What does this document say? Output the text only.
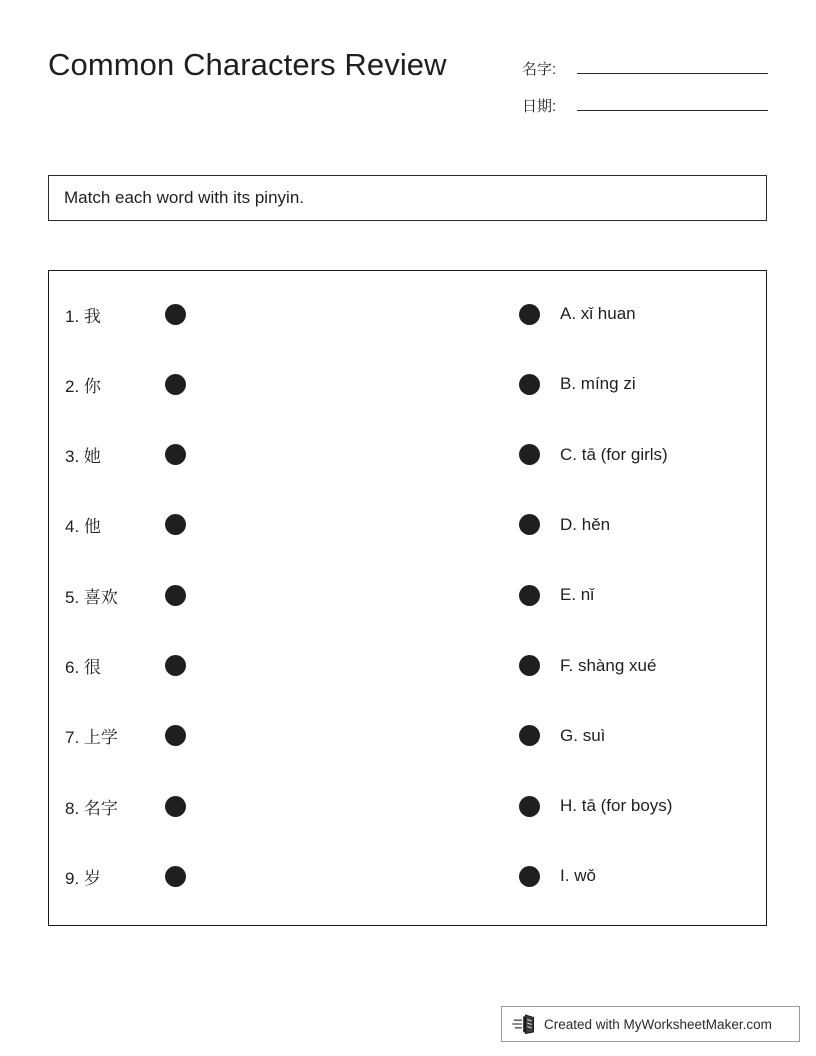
Common Characters Review	名字:
日期:
Match each word with its pinyin.
1. 我	A. xǐ huan
2. 你	B. míng zi
3. 她	C. tā (for girls)
4. 他	D. hěn
5. 喜欢	E. nǐ
6. 很	F. shàng xué
7. 上学	G. suì
8. 名字	H. tā (for boys)
9. 岁	I. wǒ
Created with MyWorksheetMaker.com
